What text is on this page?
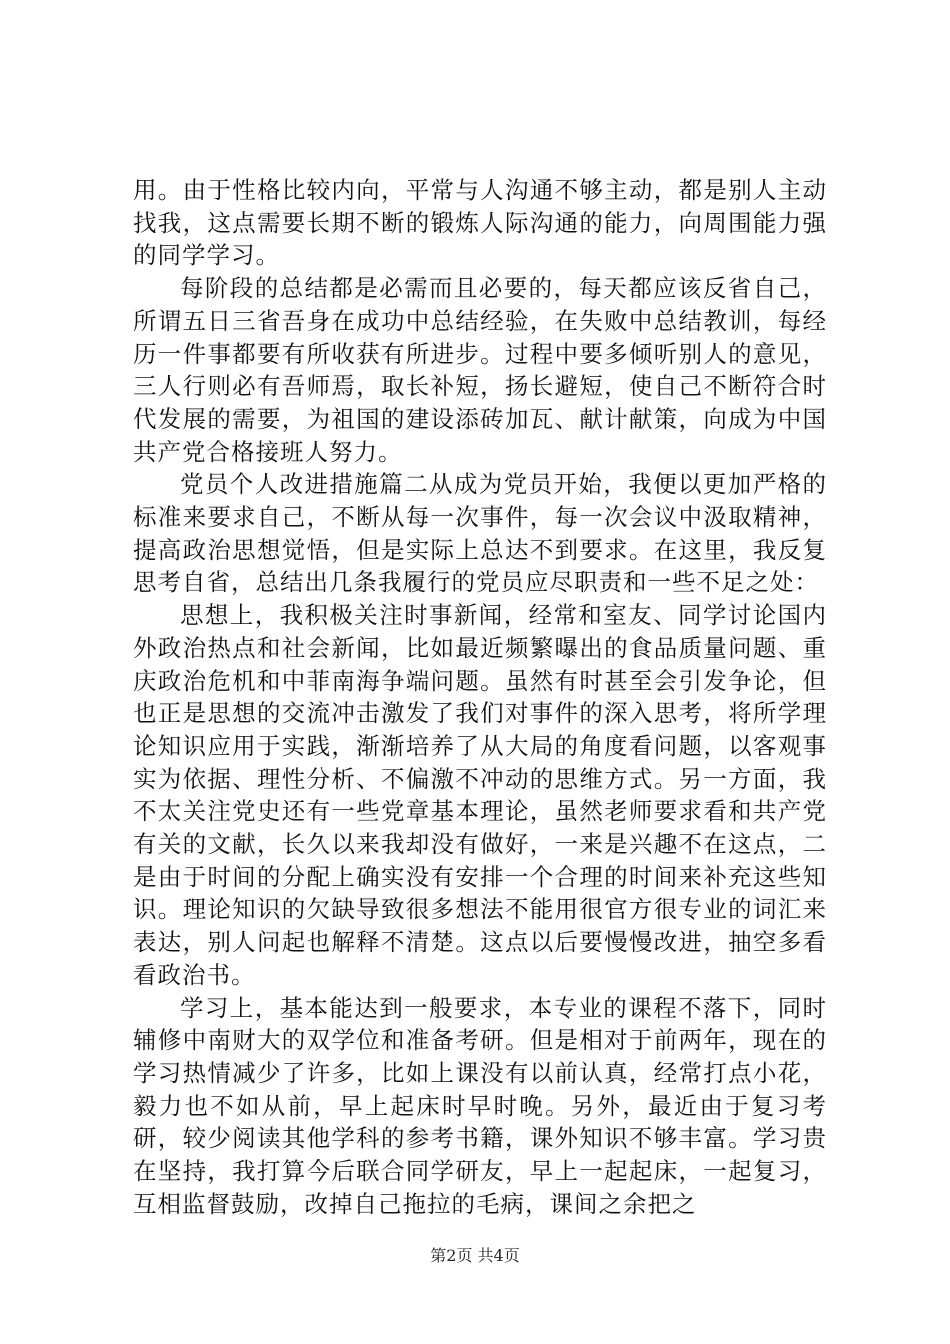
用。由于性格比较内向，平常与人沟通不够主动，都是别人主动找我，这点需要长期不断的锻炼人际沟通的能力，向周围能力强的同学学习。

每阶段的总结都是必需而且必要的，每天都应该反省自己，所谓五日三省吾身在成功中总结经验，在失败中总结教训，每经历一件事都要有所收获有所进步。过程中要多倾听别人的意见，三人行则必有吾师焉，取长补短，扬长避短，使自己不断符合时代发展的需要，为祖国的建设添砖加瓦、献计献策，向成为中国共产党合格接班人努力。

党员个人改进措施篇二从成为党员开始，我便以更加严格的标准来要求自己，不断从每一次事件，每一次会议中汲取精神，提高政治思想觉悟，但是实际上总达不到要求。在这里，我反复思考自省，总结出几条我履行的党员应尽职责和一些不足之处：

思想上，我积极关注时事新闻，经常和室友、同学讨论国内外政治热点和社会新闻，比如最近频繁曝出的食品质量问题、重庆政治危机和中菲南海争端问题。虽然有时甚至会引发争论，但也正是思想的交流冲击激发了我们对事件的深入思考，将所学理论知识应用于实践，渐渐培养了从大局的角度看问题，以客观事实为依据、理性分析、不偏激不冲动的思维方式。另一方面，我不太关注党史还有一些党章基本理论，虽然老师要求看和共产党有关的文献，长久以来我却没有做好，一来是兴趣不在这点，二是由于时间的分配上确实没有安排一个合理的时间来补充这些知识。理论知识的欠缺导致很多想法不能用很官方很专业的词汇来表达，别人问起也解释不清楚。这点以后要慢慢改进，抽空多看看政治书。

学习上，基本能达到一般要求，本专业的课程不落下，同时辅修中南财大的双学位和准备考研。但是相对于前两年，现在的学习热情减少了许多，比如上课没有以前认真，经常打点小花，毅力也不如从前，早上起床时早时晚。另外，最近由于复习考研，较少阅读其他学科的参考书籍，课外知识不够丰富。学习贵在坚持，我打算今后联合同学研友，早上一起起床，一起复习，互相监督鼓励，改掉自己拖拉的毛病，课间之余把之

第2页 共4页
